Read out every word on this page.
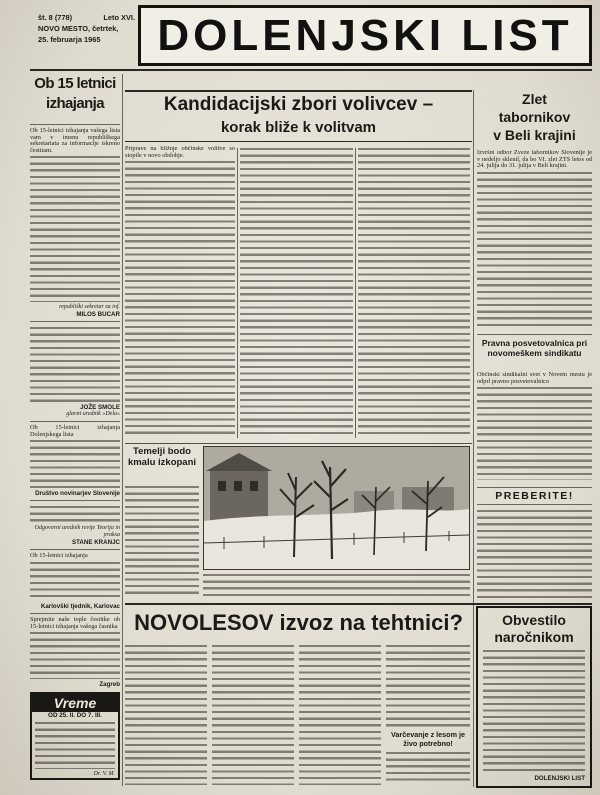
št. 8 (778)	Leto XVI.
NOVO MESTO, četrtek,
25. februarja 1965	DOLENJSKI LIST
Ob 15 letnici
izhajanja

Ob 15-letnici izhajanja vašega lista vam v imenu republiškega sekretariata za informacije iskreno čestitam.

republiški sekretar za inf.
MILOS BUCAR
JOŽE SMOLE
glavni urednik »Dela«

Ob 15-letnici izhajanja Dolenjskega lista

Društvo novinarjev Slovenije
Odgovorni urednik revije Teorija in praksa
STANE KRANJC

Ob 15-letnici izhajanja

Karlovški tjednik, Karlovac

Sprejmite naše tople čestitke ob 15-letnici izhajanja vašega časnika

Zagreb
Vreme
OD 25. II. DO 7. III.
Dr. V. M.
Kandidacijski zbori volivcev –
korak bliže k volitvam

Priprave na bližnje občinske volitve so stopile v novo obdobje.

Zlet
tabornikov
v Beli krajini

Izvršni odbor Zveze tabornikov Slovenije je v nedeljo sklenil, da bo VI. zlet ZTS letos od 24. julija do 31. julija v Beli krajini.

Pravna posvetovalnica pri novomeškem sindikatu

Občinski sindikalni svet v Novem mestu je odprl pravno posvetovalnico

PREBERITE!
Temelji bodo kmalu izkopani
NOVOLESOV izvoz na tehtnici?
Varčevanje z lesom je živo potrebno!
Obvestilo naročnikom
DOLENJSKI LIST
